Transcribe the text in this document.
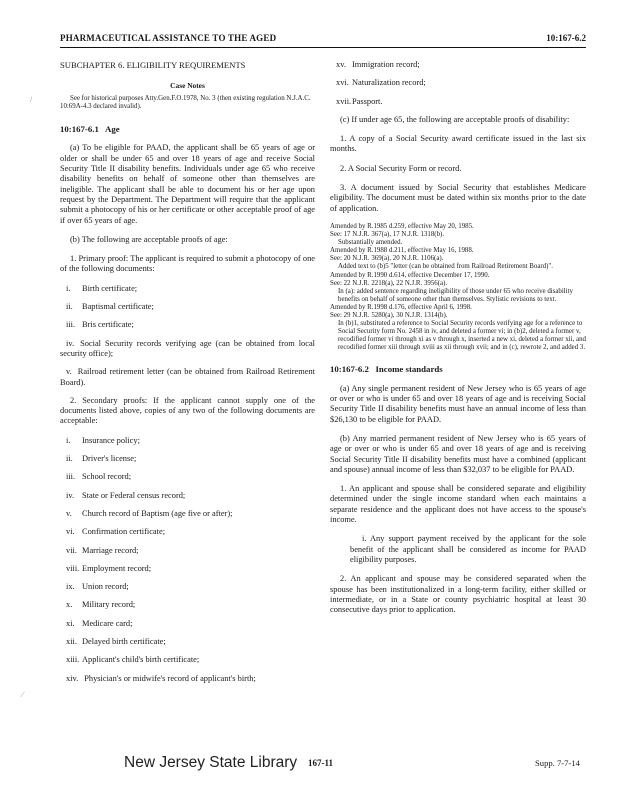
PHARMACEUTICAL ASSISTANCE TO THE AGED	10:167-6.2

SUBCHAPTER 6. ELIGIBILITY REQUIREMENTS

Case Notes

See for historical purposes Atty.Gen.F.O.1978, No. 3 (then existing regulation N.J.A.C. 10:69A-4.3 declared invalid).

10:167-6.1 Age

(a) To be eligible for PAAD, the applicant shall be 65 years of age or older or shall be under 65 and over 18 years of age and receive Social Security Title II disability benefits. Individuals under age 65 who receive disability benefits on behalf of someone other than themselves are ineligible. The applicant shall be able to document his or her age upon request by the Department. The Department will require that the applicant submit a photocopy of his or her certificate or other acceptable proof of age if over 65 years of age.

(b) The following are acceptable proofs of age:

1. Primary proof: The applicant is required to submit a photocopy of one of the following documents:

i. Birth certificate;
ii. Baptismal certificate;
iii. Bris certificate;
iv. Social Security records verifying age (can be obtained from local security office);
v. Railroad retirement letter (can be obtained from Railroad Retirement Board).

2. Secondary proofs: If the applicant cannot supply one of the documents listed above, copies of any two of the following documents are acceptable:

i. Insurance policy;
ii. Driver's license;
iii. School record;
iv. State or Federal census record;
v. Church record of Baptism (age five or after);
vi. Confirmation certificate;
vii. Marriage record;
viii. Employment record;
ix. Union record;
x. Military record;
xi. Medicare card;
xii. Delayed birth certificate;
xiii. Applicant's child's birth certificate;
xiv. Physician's or midwife's record of applicant's birth;
xv. Immigration record;
xvi. Naturalization record;
xvii. Passport.

(c) If under age 65, the following are acceptable proofs of disability:

1. A copy of a Social Security award certificate issued in the last six months.

2. A Social Security Form or record.

3. A document issued by Social Security that establishes Medicare eligibility. The document must be dated within six months prior to the date of application.

Amended by R.1985 d.259, effective May 20, 1985.
See: 17 N.J.R. 367(a), 17 N.J.R. 1318(b).
Substantially amended.
Amended by R.1988 d.211, effective May 16, 1988.
See: 20 N.J.R. 369(a), 20 N.J.R. 1106(a).
Added text to (b)5 "letter (can be obtained from Railroad Retirement Board)".
Amended by R.1990 d.614, effective December 17, 1990.
See: 22 N.J.R. 2218(a), 22 N.J.R. 3956(a).
In (a): added sentence regarding ineligibility of those under 65 who receive disability benefits on behalf of someone other than themselves. Stylistic revisions to text.
Amended by R.1998 d.176, effective April 6, 1998.
See: 29 N.J.R. 5280(a), 30 N.J.R. 1314(b).
In (b)1, substituted a reference to Social Security records verifying age for a reference to Social Security form No. 2458 in iv, and deleted a former vi; in (b)2, deleted a former v, recodified former vi through xi as v through x, inserted a new xi, deleted a former xii, and recodified former xiii through xviii as xii through xvii; and in (c), rewrote 2, and added 3.

10:167-6.2 Income standards

(a) Any single permanent resident of New Jersey who is 65 years of age or over or who is under 65 and over 18 years of age and is receiving Social Security Title II disability benefits must have an annual income of less than $26,130 to be eligible for PAAD.

(b) Any married permanent resident of New Jersey who is 65 years of age or over or who is under 65 and over 18 years of age and is receiving Social Security Title II disability benefits must have a combined (applicant and spouse) annual income of less than $32,037 to be eligible for PAAD.

1. An applicant and spouse shall be considered separate and eligibility determined under the single income standard when each maintains a separate residence and the applicant does not have access to the spouse's income.

i. Any support payment received by the applicant for the sole benefit of the applicant shall be considered as income for PAAD eligibility purposes.

2. An applicant and spouse may be considered separated when the spouse has been institutionalized in a long-term facility, either skilled or intermediate, or in a State or county psychiatric hospital at least 30 consecutive days prior to application.

/
∕
New Jersey State Library 167-11	Supp. 7-7-14
